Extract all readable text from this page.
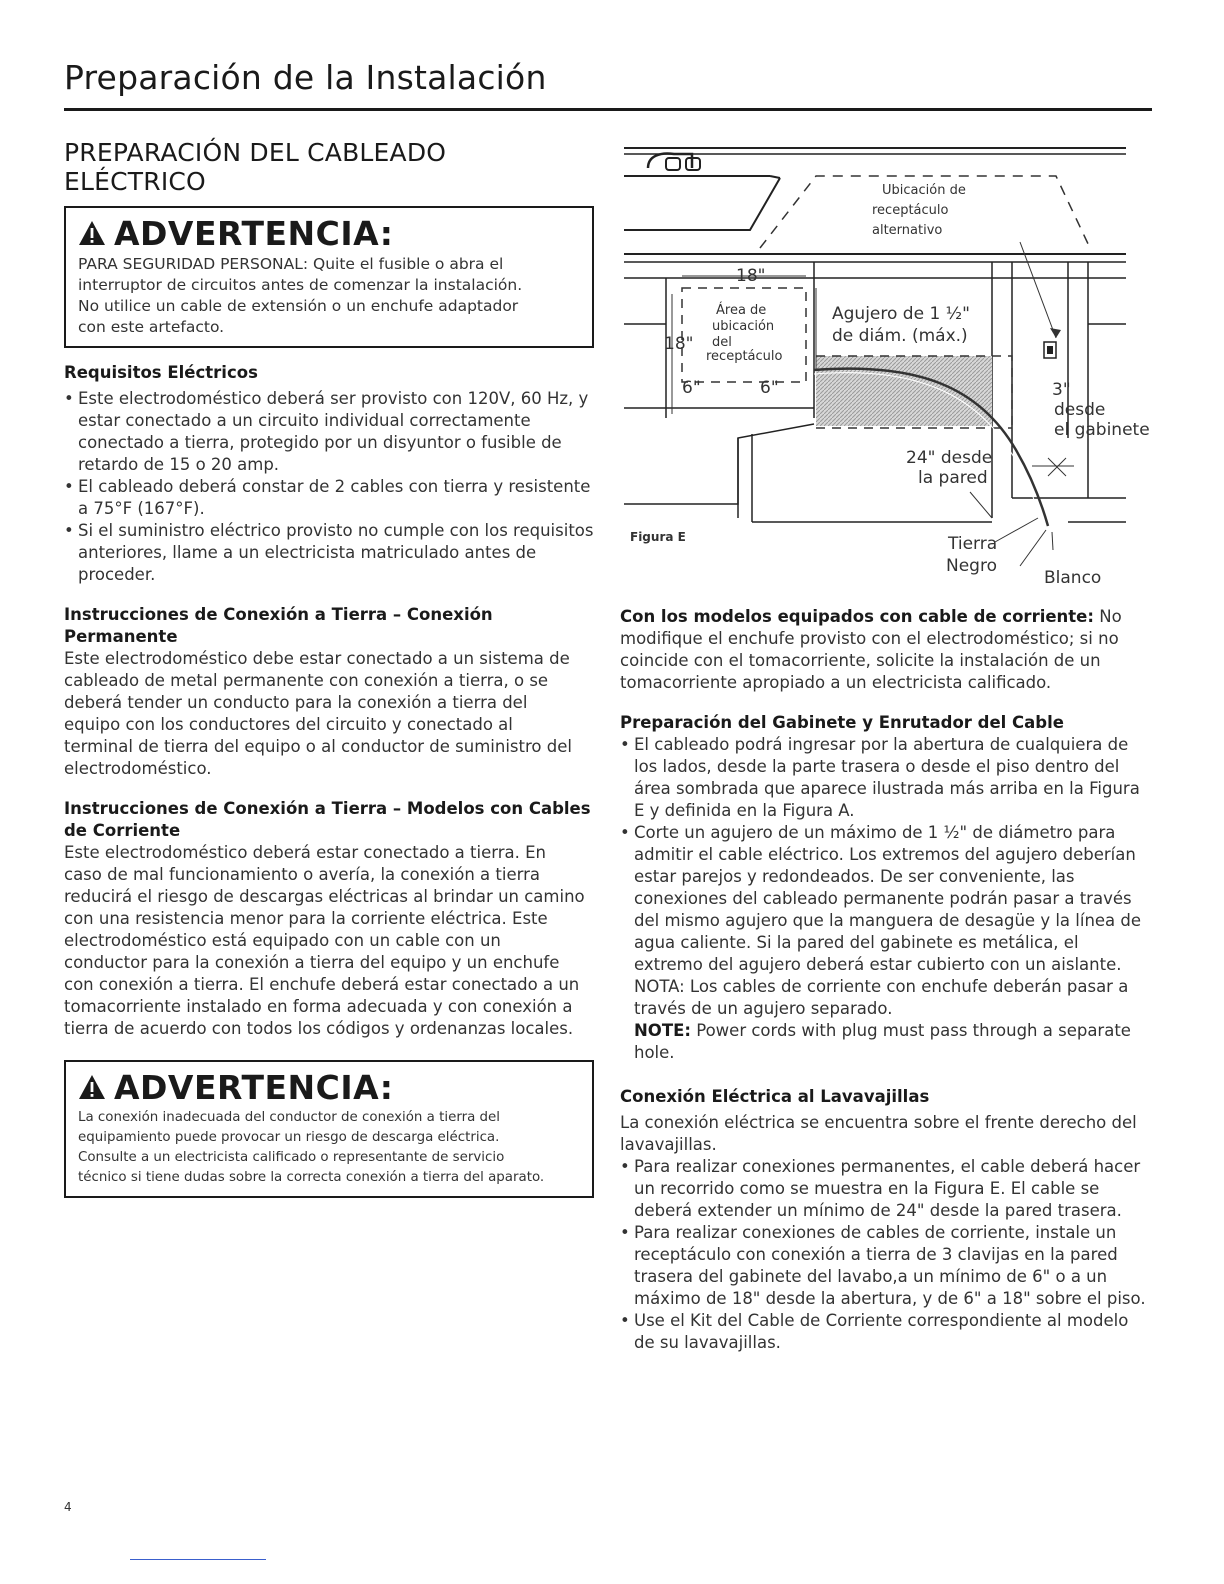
Preparación de la Instalación
PREPARACIÓN DEL CABLEADO ELÉCTRICO
ADVERTENCIA:
PARA SEGURIDAD PERSONAL: Quite el fusible o abra el
interruptor de circuitos antes de comenzar la instalación.
No utilice un cable de extensión o un enchufe adaptador
con este artefacto.
Requisitos Eléctricos
• Este electrodoméstico deberá ser provisto con 120V, 60 Hz, y estar conectado a un circuito individual correctamente conectado a tierra, protegido por un disyuntor o fusible de retardo de 15 o 20 amp.
• El cableado deberá constar de 2 cables con tierra y resistente a 75°F (167°F).
• Si el suministro eléctrico provisto no cumple con los requisitos anteriores, llame a un electricista matriculado antes de proceder.
Instrucciones de Conexión a Tierra – Conexión Permanente
Este electrodoméstico debe estar conectado a un sistema de cableado de metal permanente con conexión a tierra, o se deberá tender un conducto para la conexión a tierra del equipo con los conductores del circuito y conectado al terminal de tierra del equipo o al conductor de suministro del electrodoméstico.
Instrucciones de Conexión a Tierra – Modelos con Cables de Corriente
Este electrodoméstico deberá estar conectado a tierra. En caso de mal funcionamiento o avería, la conexión a tierra reducirá el riesgo de descargas eléctricas al brindar un camino con una resistencia menor para la corriente eléctrica. Este electrodoméstico está equipado con un cable con un conductor para la conexión a tierra del equipo y un enchufe con conexión a tierra. El enchufe deberá estar conectado a un tomacorriente instalado en forma adecuada y con conexión a tierra de acuerdo con todos los códigos y ordenanzas locales.
ADVERTENCIA:
La conexión inadecuada del conductor de conexión a tierra del
equipamiento puede provocar un riesgo de descarga eléctrica.
Consulte a un electricista calificado o representante de servicio
técnico si tiene dudas sobre la correcta conexión a tierra del aparato.
Ubicación de
receptáculo
alternativo
18"
18"
Área de
ubicación
del
receptáculo
6"	6"
Agujero de 1 ½"
de diám. (máx.)
3"
desde
el gabinete
24" desde
la pared
Tierra
Negro
Blanco
Figura E
Con los modelos equipados con cable de corriente: No modifique el enchufe provisto con el electrodoméstico; si no coincide con el tomacorriente, solicite la instalación de un tomacorriente apropiado a un electricista calificado.
Preparación del Gabinete y Enrutador del Cable
• El cableado podrá ingresar por la abertura de cualquiera de los lados, desde la parte trasera o desde el piso dentro del área sombrada que aparece ilustrada más arriba en la Figura E y definida en la Figura A.
• Corte un agujero de un máximo de 1 ½" de diámetro para admitir el cable eléctrico. Los extremos del agujero deberían estar parejos y redondeados. De ser conveniente, las conexiones del cableado permanente podrán pasar a través del mismo agujero que la manguera de desagüe y la línea de agua caliente. Si la pared del gabinete es metálica, el extremo del agujero deberá estar cubierto con un aislante. NOTA: Los cables de corriente con enchufe deberán pasar a través de un agujero separado.
NOTE: Power cords with plug must pass through a separate hole.
Conexión Eléctrica al Lavavajillas
La conexión eléctrica se encuentra sobre el frente derecho del lavavajillas.
• Para realizar conexiones permanentes, el cable deberá hacer un recorrido como se muestra en la Figura E. El cable se deberá extender un mínimo de 24" desde la pared trasera.
• Para realizar conexiones de cables de corriente, instale un receptáculo con conexión a tierra de 3 clavijas en la pared trasera del gabinete del lavabo,a un mínimo de 6" o a un máximo de 18" desde la abertura, y de 6" a 18" sobre el piso.
• Use el Kit del Cable de Corriente correspondiente al modelo de su lavavajillas.
4
